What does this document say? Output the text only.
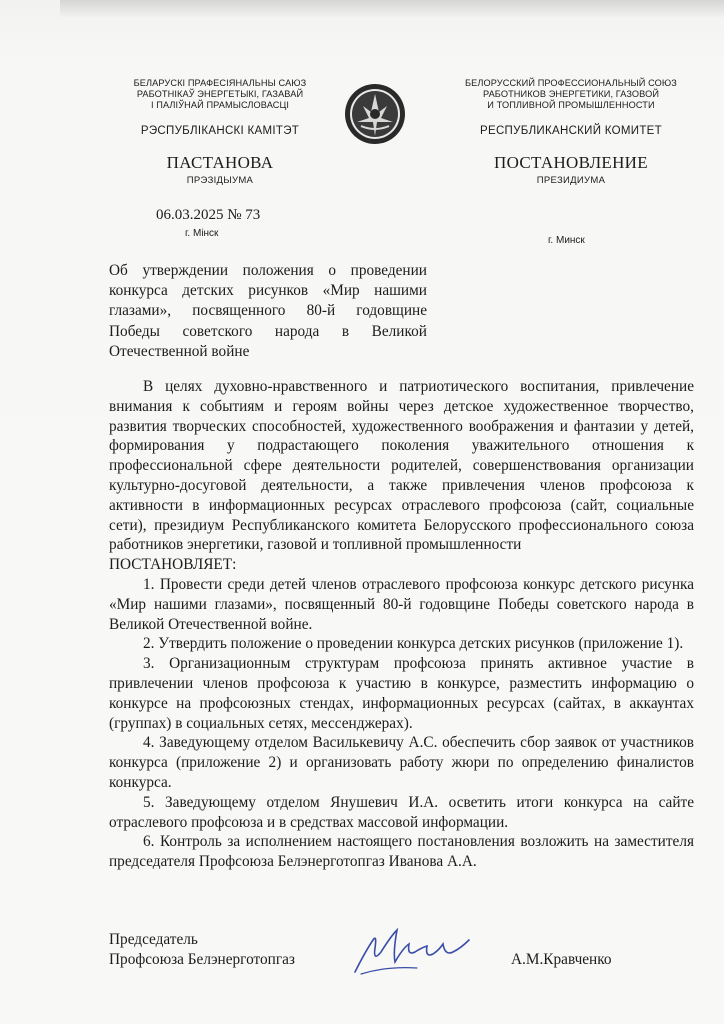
БЕЛАРУСКІ ПРАФЕСІЯНАЛЬНЫ САЮЗ
РАБОТНІКАЎ ЭНЕРГЕТЫКІ, ГАЗАВАЙ
І ПАЛІЎНАЙ ПРАМЫСЛОВАСЦІ
РЭСПУБЛІКАНСКІ КАМІТЭТ
ПАСТАНОВА
ПРЭЗІДЫУМА
БЕЛОРУССКИЙ ПРОФЕССИОНАЛЬНЫЙ СОЮЗ
РАБОТНИКОВ ЭНЕРГЕТИКИ, ГАЗОВОЙ
И ТОПЛИВНОЙ ПРОМЫШЛЕННОСТИ
РЕСПУБЛИКАНСКИЙ КОМИТЕТ
ПОСТАНОВЛЕНИЕ
ПРЕЗИДИУМА
06.03.2025 № 73
г. Мінск
г. Минск
Об утверждении положения о проведении конкурса детских рисунков «Мир нашими глазами», посвященного 80-й годовщине Победы советского народа в Великой Отечественной войне

В целях духовно-нравственного и патриотического воспитания, привлечение внимания к событиям и героям войны через детское художественное творчество, развития творческих способностей, художественного воображения и фантазии у детей, формирования у подрастающего поколения уважительного отношения к профессиональной сфере деятельности родителей, совершенствования организации культурно-досуговой деятельности, а также привлечения членов профсоюза к активности в информационных ресурсах отраслевого профсоюза (сайт, социальные сети), президиум Республиканского комитета Белорусского профессионального союза работников энергетики, газовой и топливной промышленности

ПОСТАНОВЛЯЕТ:

1. Провести среди детей членов отраслевого профсоюза конкурс детского рисунка «Мир нашими глазами», посвященный 80-й годовщине Победы советского народа в Великой Отечественной войне.

2. Утвердить положение о проведении конкурса детских рисунков (приложение 1).

3. Организационным структурам профсоюза принять активное участие в привлечении членов профсоюза к участию в конкурсе, разместить информацию о конкурсе на профсоюзных стендах, информационных ресурсах (сайтах, в аккаунтах (группах) в социальных сетях, мессенджерах).

4. Заведующему отделом Василькевичу А.С. обеспечить сбор заявок от участников конкурса (приложение 2) и организовать работу жюри по определению финалистов конкурса.

5. Заведующему отделом Янушевич И.А. осветить итоги конкурса на сайте отраслевого профсоюза и в средствах массовой информации.

6. Контроль за исполнением настоящего постановления возложить на заместителя председателя Профсоюза Белэнерготопгаз Иванова А.А.

Председатель
Профсоюза Белэнерготопгаз	А.М.Кравченко
